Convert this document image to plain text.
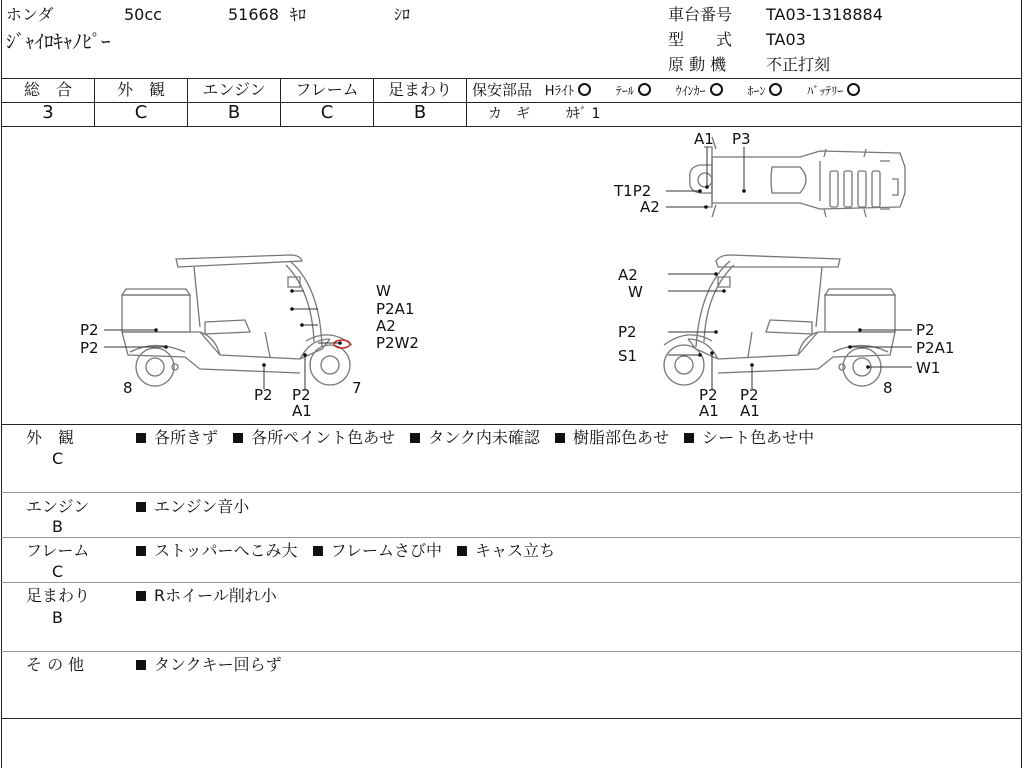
ホンダ	50cc	51668 ｷﾛ	ｼﾛ
ｼﾞｬｲﾛｷｬﾉﾋﾟｰ
車台番号 TA03-1318884
型　　式 TA03
原 動 機 不正打刻
総　合	外　観	エンジン	フレーム	足まわり
3	C	B	C	B
保安部品 Hﾗｲﾄ	ﾃｰﾙ	ｳｲﾝｶｰ	ﾎｰﾝ	ﾊﾞｯﾃﾘｰ
カ　ギ	ｶｷﾞ 1
A1 P3
T1P2
A2
W
P2A1
A2
P2
P2	P2W2
8	P2
A1
7
P2
A2
W
P2
S1
P2
P2A1
W1
P2
A1
P2
A1
8
外　観
C
各所きず 各所ペイント色あせ タンク内未確認 樹脂部色あせ シート色あせ中
エンジン
B
エンジン音小
フレーム
C
ストッパーへこみ大 フレームさび中 キャス立ち
足まわり
B
Rホイール削れ小
そ の 他	タンクキー回らず
